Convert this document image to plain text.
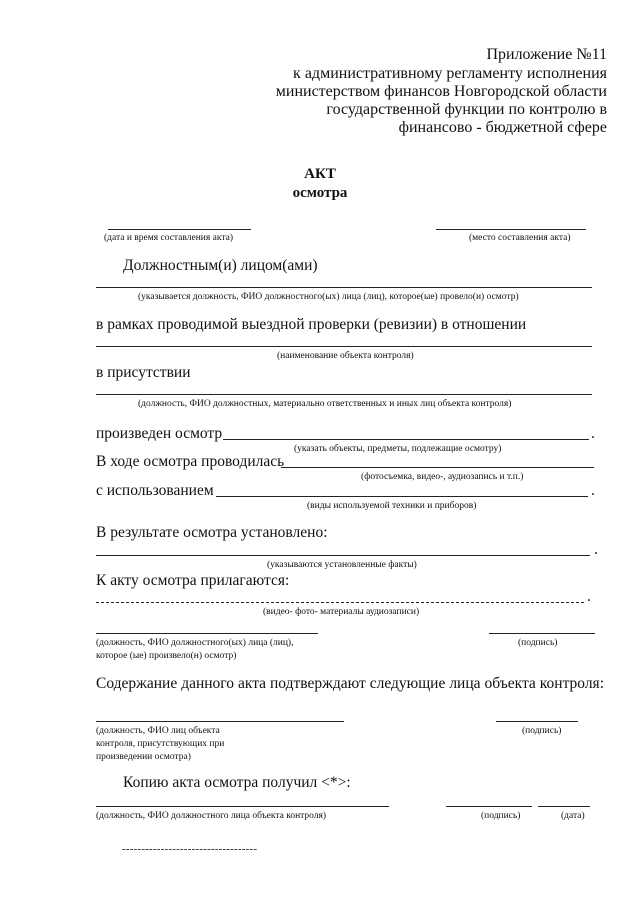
Приложение №11
к административному регламенту исполнения
министерством финансов Новгородской области
государственной функции по контролю в
финансово - бюджетной сфере
АКТ
осмотра
(дата и время составления акта)	(место составления акта)
Должностным(и) лицом(ами)
(указывается должность, ФИО должностного(ых) лица (лиц), которое(ые) провело(и) осмотр)
в рамках проводимой выездной проверки (ревизии) в отношении
(наименование объекта контроля)
в присутствии
(должность, ФИО должностных, материально ответственных и иных лиц объекта контроля)
произведен осмотр	.
(указать объекты, предметы, подлежащие осмотру)
В ходе осмотра проводилась
(фотосъемка, видео-, аудиозапись и т.п.)
с использованием	.
(виды используемой техники и приборов)
В результате осмотра установлено:
.
(указываются установленные факты)
К акту осмотра прилагаются:
.
(видео- фото- материалы аудиозаписи)
(должность, ФИО должностного(ых) лица (лиц),
которое (ые) произвело(н) осмотр)
(подпись)
Содержание данного акта подтверждают следующие лица объекта контроля:
(должность, ФИО лиц объекта
контроля, присутствующих при
произведении осмотра)
(подпись)
Копию акта осмотра получил <*>:
(должность, ФИО должностного лица объекта контроля)	(подпись)	(дата)
-----------------------------------
